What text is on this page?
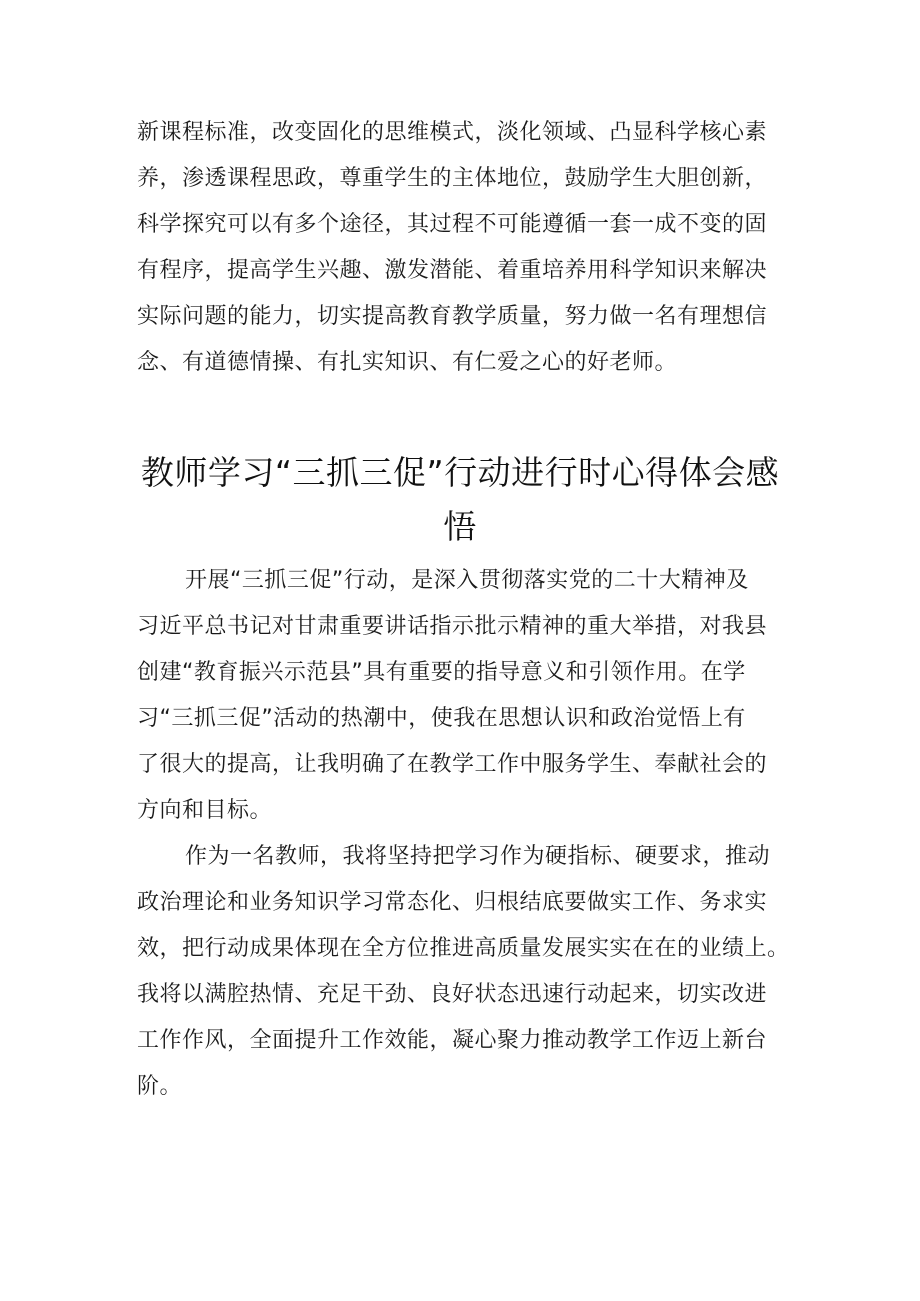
新课程标准，改变固化的思维模式，淡化领域、凸显科学核心素
养，渗透课程思政，尊重学生的主体地位，鼓励学生大胆创新，
科学探究可以有多个途径，其过程不可能遵循一套一成不变的固
有程序，提高学生兴趣、激发潜能、着重培养用科学知识来解决
实际问题的能力，切实提高教育教学质量，努力做一名有理想信
念、有道德情操、有扎实知识、有仁爱之心的好老师。
教师学习“三抓三促”行动进行时心得体会感
悟
开展“三抓三促”行动，是深入贯彻落实党的二十大精神及
习近平总书记对甘肃重要讲话指示批示精神的重大举措，对我县
创建“教育振兴示范县”具有重要的指导意义和引领作用。在学
习“三抓三促”活动的热潮中，使我在思想认识和政治觉悟上有
了很大的提高，让我明确了在教学工作中服务学生、奉献社会的
方向和目标。
作为一名教师，我将坚持把学习作为硬指标、硬要求，推动
政治理论和业务知识学习常态化、归根结底要做实工作、务求实
效，把行动成果体现在全方位推进高质量发展实实在在的业绩上。
我将以满腔热情、充足干劲、良好状态迅速行动起来，切实改进
工作作风，全面提升工作效能，凝心聚力推动教学工作迈上新台
阶。
